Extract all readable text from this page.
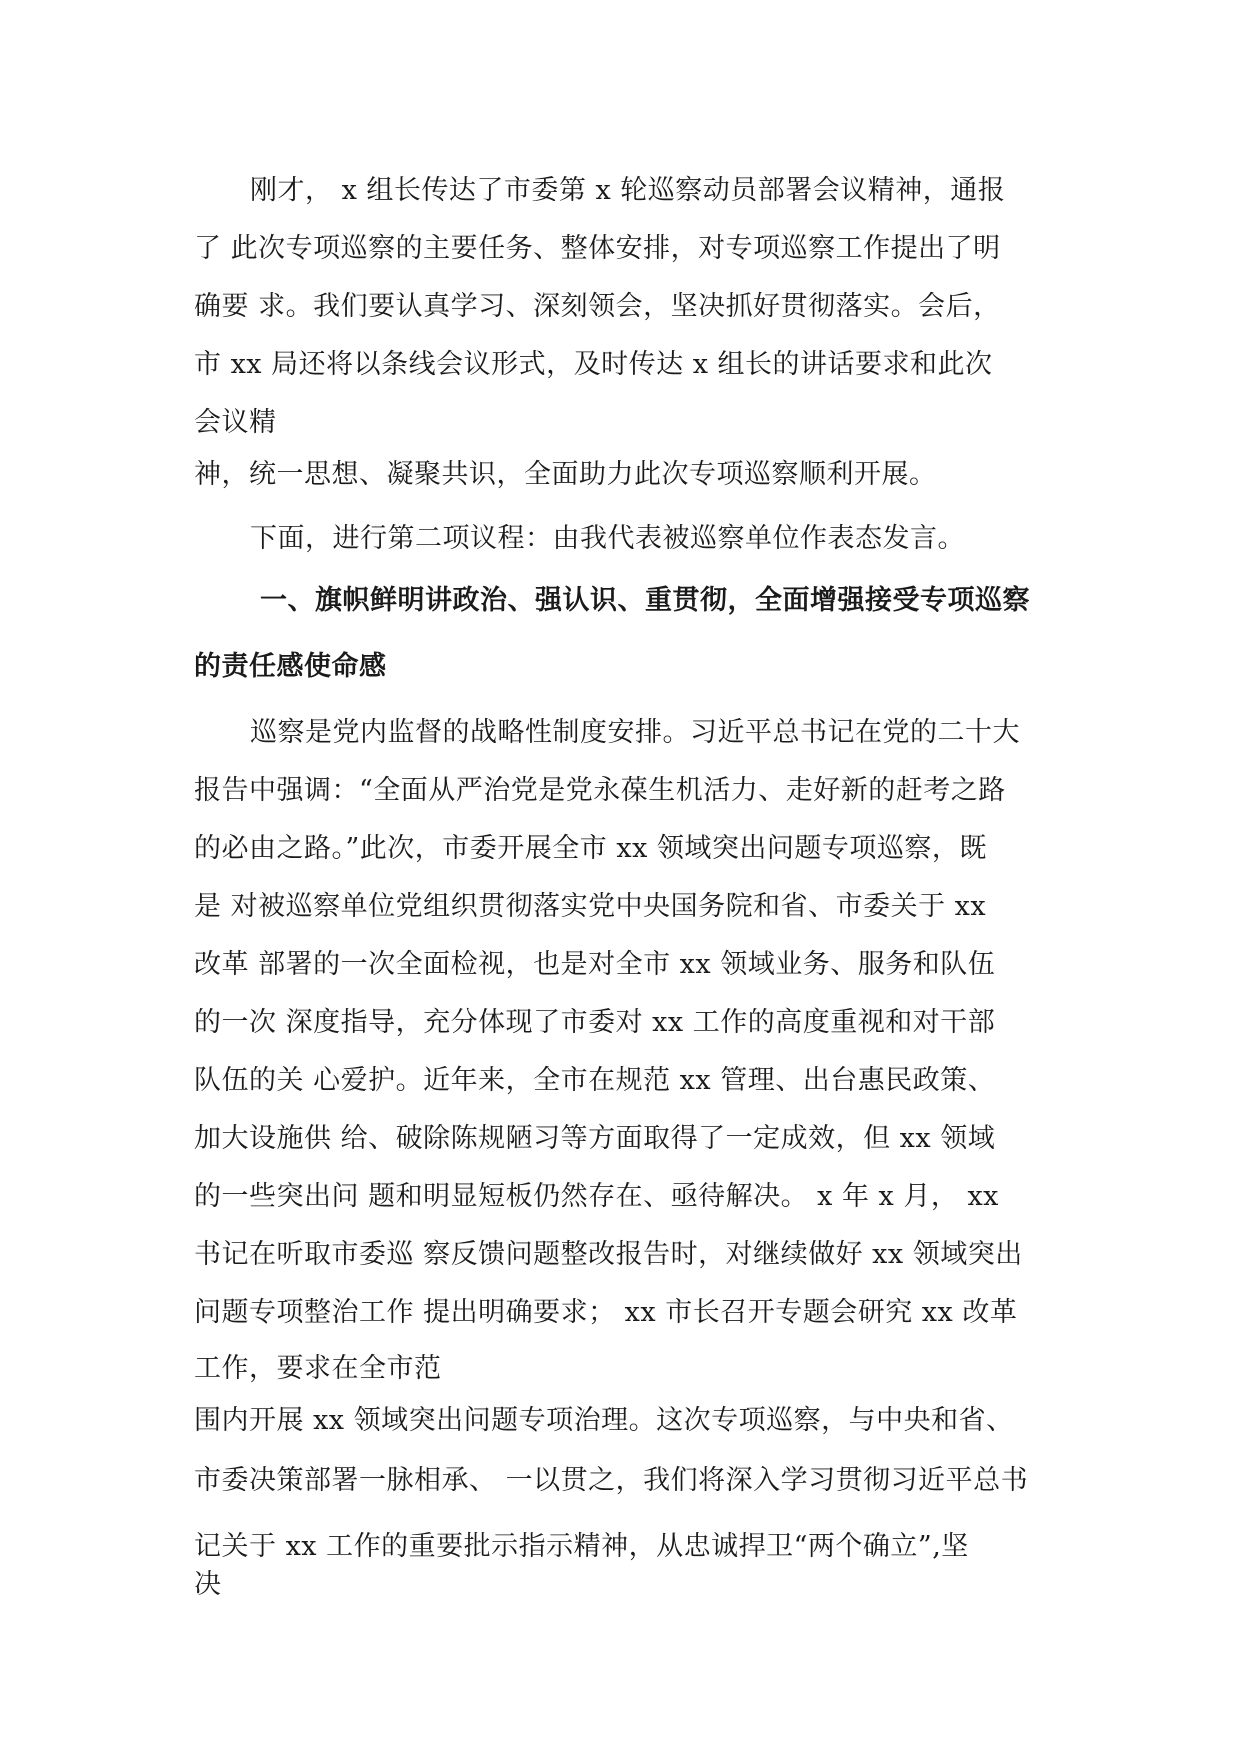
刚才， x 组长传达了市委第 x 轮巡察动员部署会议精神，通报
了 此次专项巡察的主要任务、整体安排，对专项巡察工作提出了明
确要 求。我们要认真学习、深刻领会，坚决抓好贯彻落实。会后，
市 xx 局还将以条线会议形式，及时传达 x 组长的讲话要求和此次
会议精
神，统一思想、凝聚共识，全面助力此次专项巡察顺利开展。
下面，进行第二项议程：由我代表被巡察单位作表态发言。
一、旗帜鲜明讲政治、强认识、重贯彻，全面增强接受专项巡察
的责任感使命感
巡察是党内监督的战略性制度安排。习近平总书记在党的二十大
报告中强调：“全面从严治党是党永葆生机活力、走好新的赶考之路
的必由之路。”此次，市委开展全市 xx 领域突出问题专项巡察，既
是 对被巡察单位党组织贯彻落实党中央国务院和省、市委关于 xx
改革 部署的一次全面检视，也是对全市 xx 领域业务、服务和队伍
的一次 深度指导，充分体现了市委对 xx 工作的高度重视和对干部
队伍的关 心爱护。近年来，全市在规范 xx 管理、出台惠民政策、
加大设施供 给、破除陈规陋习等方面取得了一定成效，但 xx 领域
的一些突出问 题和明显短板仍然存在、亟待解决。 x 年 x 月， xx
书记在听取市委巡 察反馈问题整改报告时，对继续做好 xx 领域突出
问题专项整治工作 提出明确要求； xx 市长召开专题会研究 xx 改革
工作，要求在全市范
围内开展 xx 领域突出问题专项治理。这次专项巡察，与中央和省、
市委决策部署一脉相承、 一以贯之，我们将深入学习贯彻习近平总书
记关于 xx 工作的重要批示指示精神，从忠诚捍卫“两个确立”,坚
决
